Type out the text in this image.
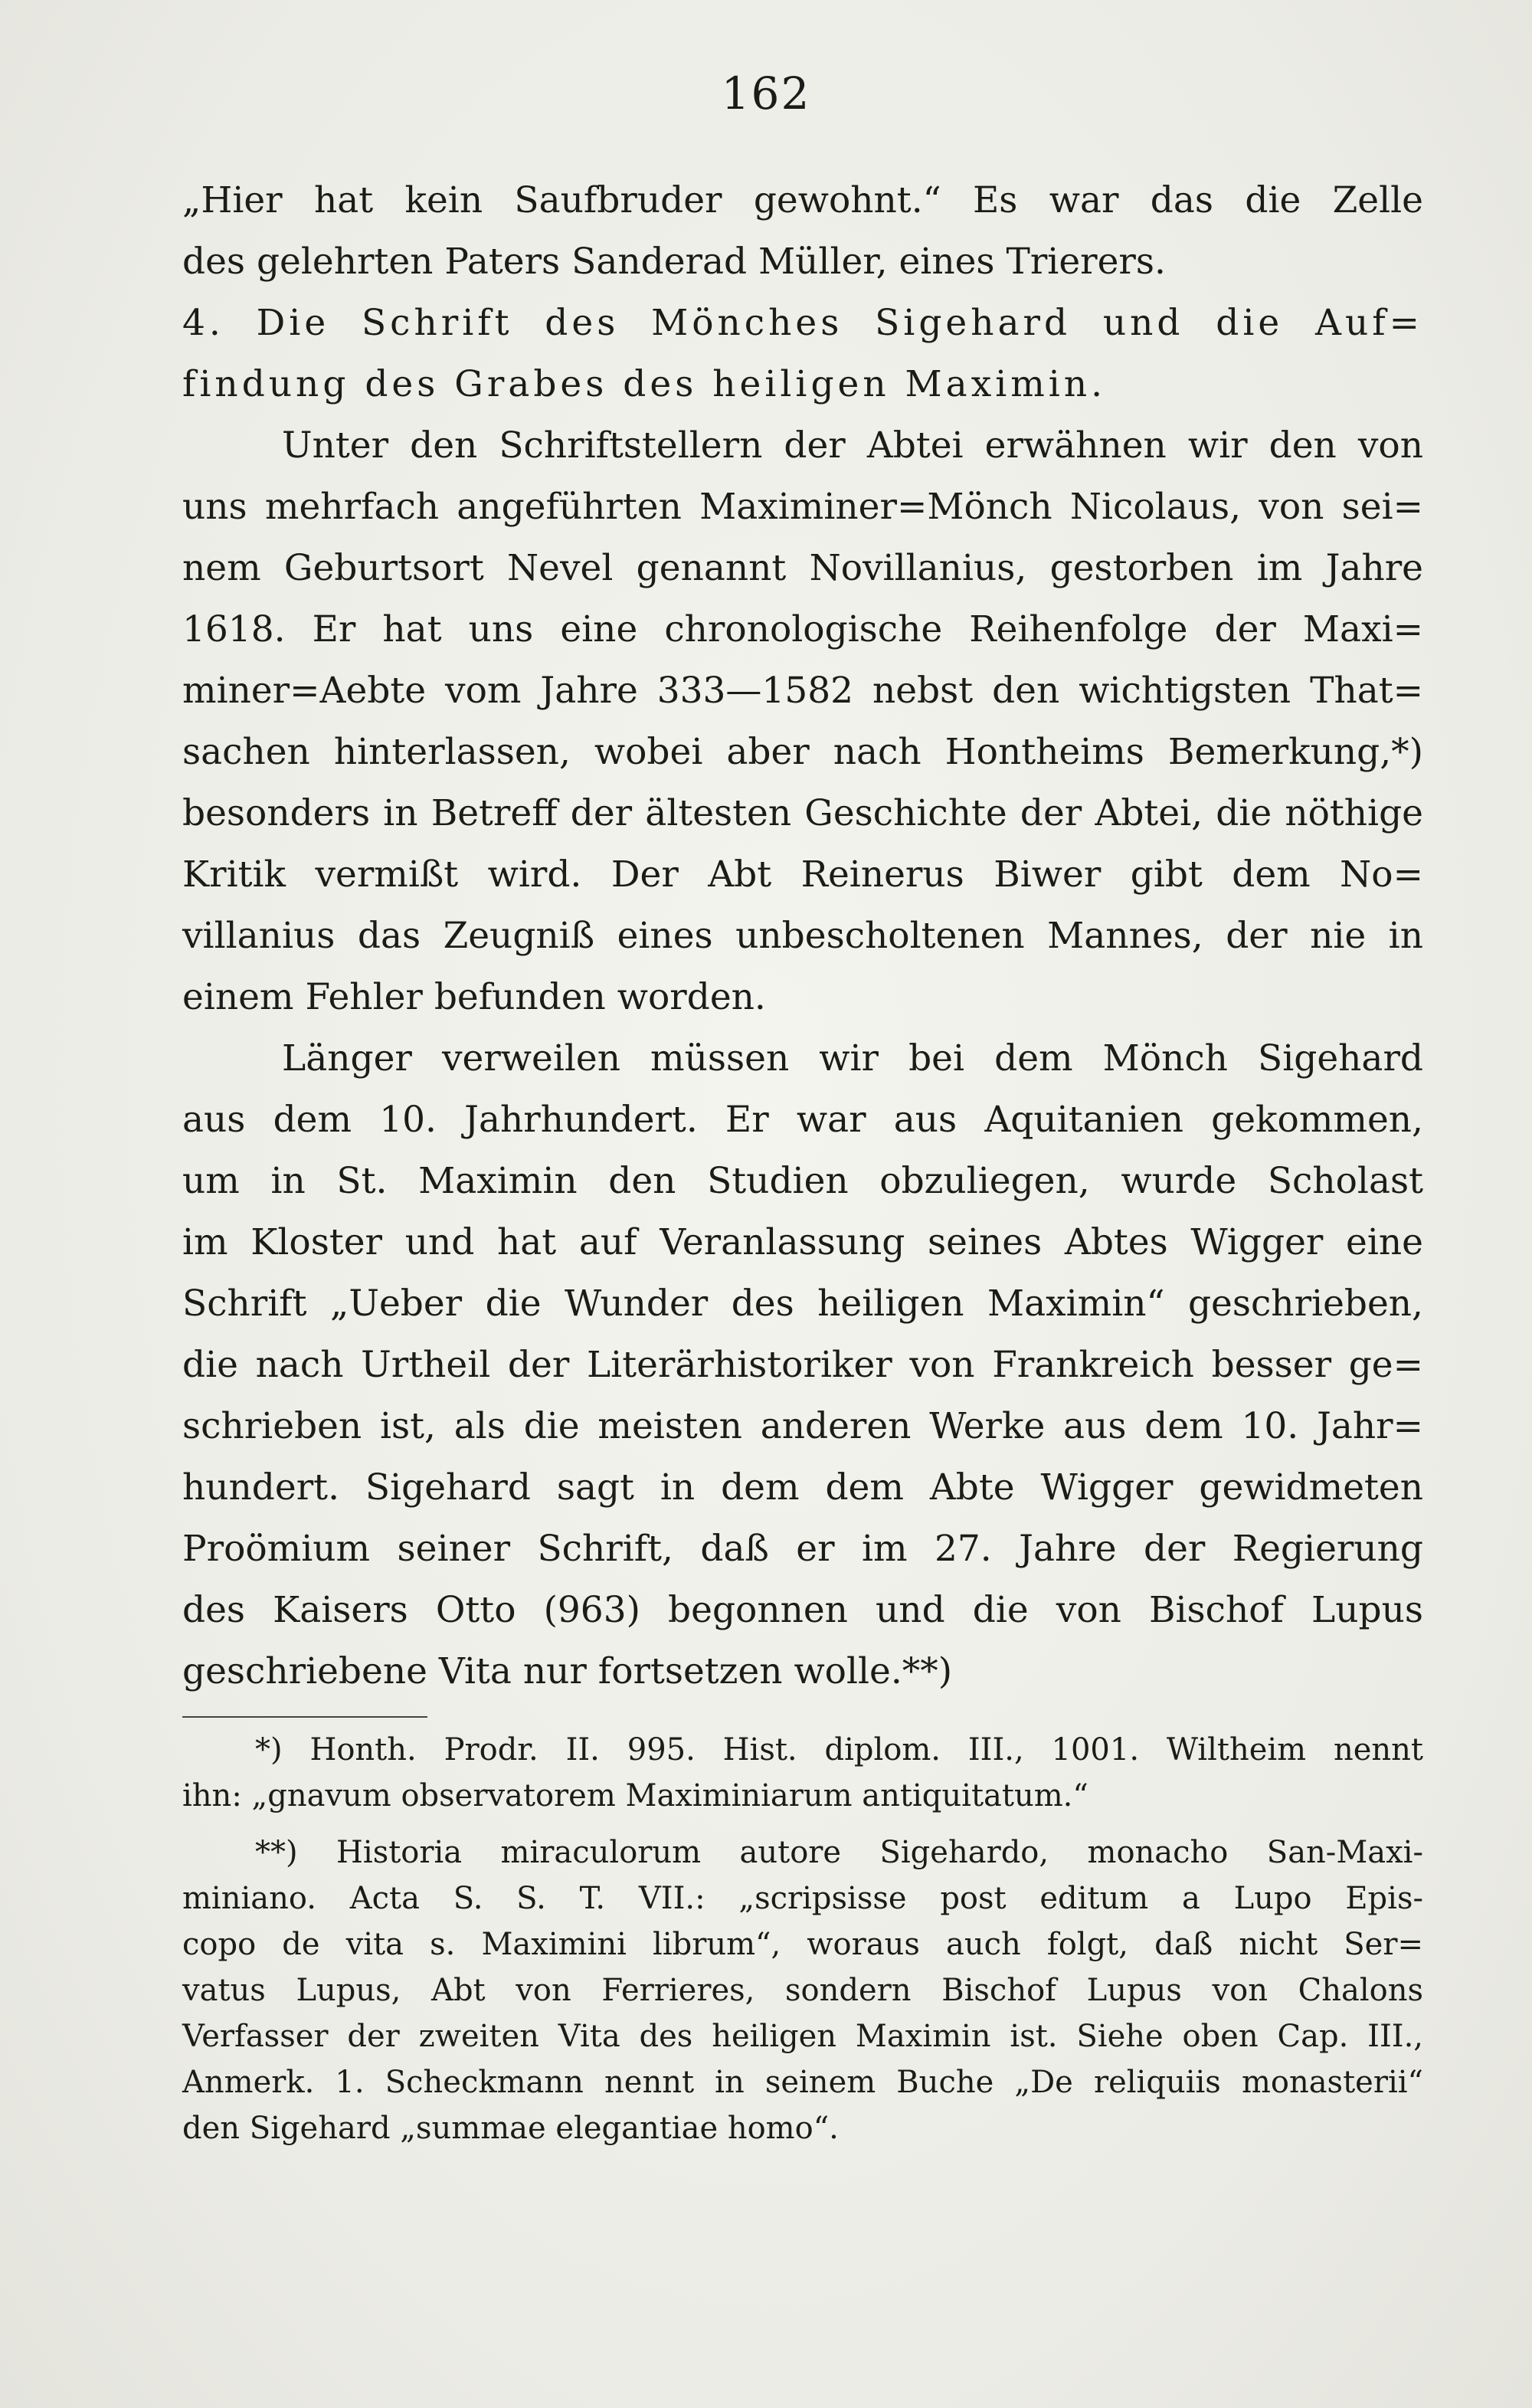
162
„Hier hat kein Saufbruder gewohnt.“ Es war das die Zelle
des gelehrten Paters Sanderad Müller, eines Trierers.
4. Die Schrift des Mönches Sigehard und die Auf=
findung des Grabes des heiligen Maximin.
Unter den Schriftstellern der Abtei erwähnen wir den von
uns mehrfach angeführten Maximiner=Mönch Nicolaus, von sei=
nem Geburtsort Nevel genannt Novillanius, gestorben im Jahre
1618. Er hat uns eine chronologische Reihenfolge der Maxi=
miner=Aebte vom Jahre 333—1582 nebst den wichtigsten That=
sachen hinterlassen, wobei aber nach Hontheims Bemerkung,*)
besonders in Betreff der ältesten Geschichte der Abtei, die nöthige
Kritik vermißt wird. Der Abt Reinerus Biwer gibt dem No=
villanius das Zeugniß eines unbescholtenen Mannes, der nie in
einem Fehler befunden worden.
Länger verweilen müssen wir bei dem Mönch Sigehard
aus dem 10. Jahrhundert. Er war aus Aquitanien gekommen,
um in St. Maximin den Studien obzuliegen, wurde Scholast
im Kloster und hat auf Veranlassung seines Abtes Wigger eine
Schrift „Ueber die Wunder des heiligen Maximin“ geschrieben,
die nach Urtheil der Literärhistoriker von Frankreich besser ge=
schrieben ist, als die meisten anderen Werke aus dem 10. Jahr=
hundert. Sigehard sagt in dem dem Abte Wigger gewidmeten
Proömium seiner Schrift, daß er im 27. Jahre der Regierung
des Kaisers Otto (963) begonnen und die von Bischof Lupus
geschriebene Vita nur fortsetzen wolle.**)
*) Honth. Prodr. II. 995. Hist. diplom. III., 1001. Wiltheim nennt
ihn: „gnavum observatorem Maximiniarum antiquitatum.“
**) Historia miraculorum autore Sigehardo, monacho San-Maxi-
miniano. Acta S. S. T. VII.: „scripsisse post editum a Lupo Epis-
copo de vita s. Maximini librum“, woraus auch folgt, daß nicht Ser=
vatus Lupus, Abt von Ferrieres, sondern Bischof Lupus von Chalons
Verfasser der zweiten Vita des heiligen Maximin ist. Siehe oben Cap. III.,
Anmerk. 1. Scheckmann nennt in seinem Buche „De reliquiis monasterii“
den Sigehard „summae elegantiae homo“.
